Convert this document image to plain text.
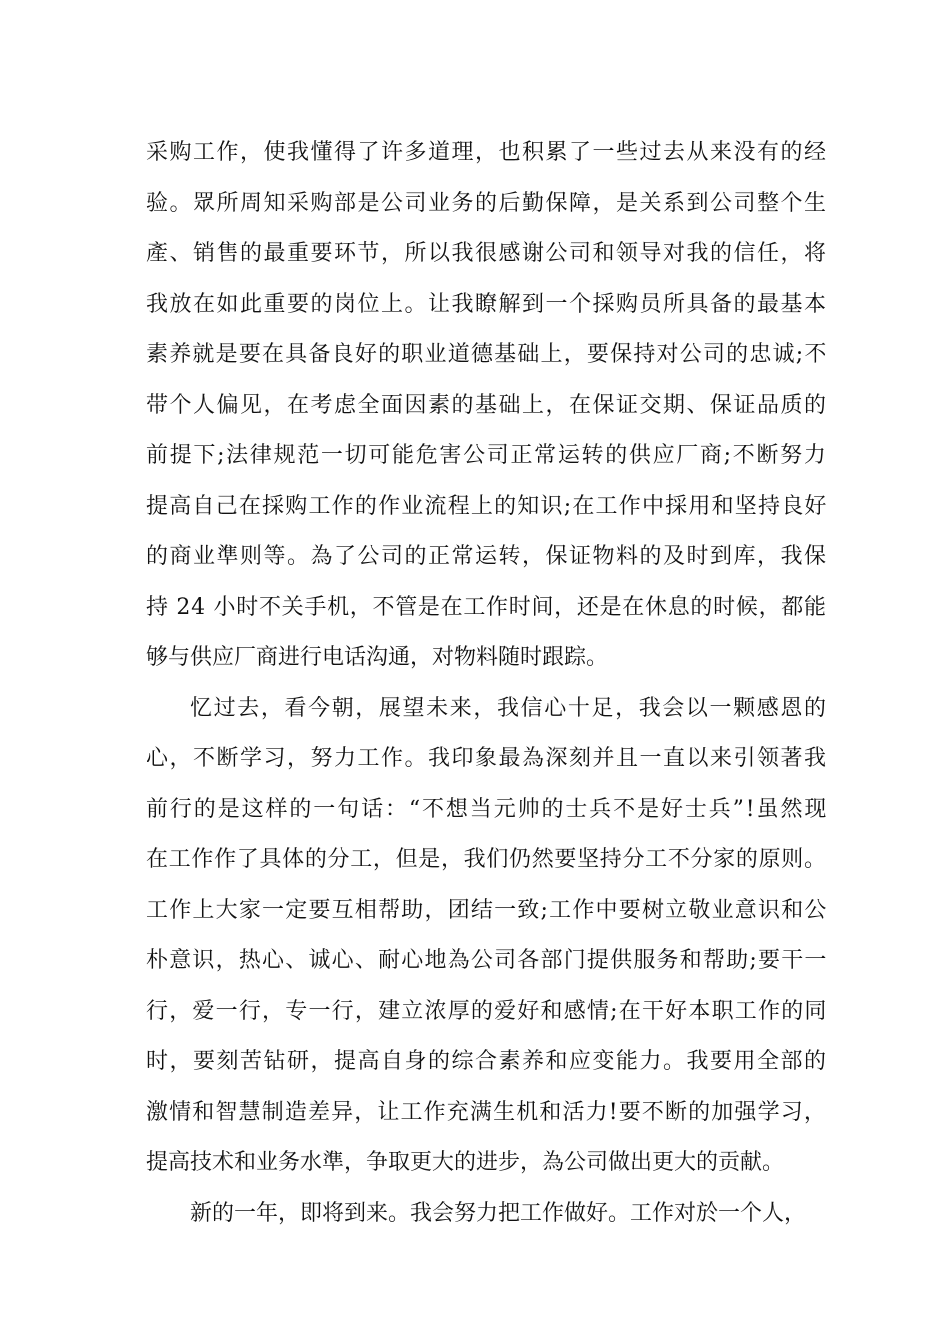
采购工作，使我懂得了许多道理，也积累了一些过去从来没有的经
验。眾所周知采购部是公司业务的后勤保障，是关系到公司整个生
產、销售的最重要环节，所以我很感谢公司和领导对我的信任，将
我放在如此重要的岗位上。让我瞭解到一个採购员所具备的最基本
素养就是要在具备良好的职业道德基础上，要保持对公司的忠诚;不
带个人偏见，在考虑全面因素的基础上，在保证交期、保证品质的
前提下;法律规范一切可能危害公司正常运转的供应厂商;不断努力
提高自己在採购工作的作业流程上的知识;在工作中採用和坚持良好
的商业準则等。為了公司的正常运转，保证物料的及时到库，我保
持 24 小时不关手机，不管是在工作时间，还是在休息的时候，都能
够与供应厂商进行电话沟通，对物料随时跟踪。
忆过去，看今朝，展望未来，我信心十足，我会以一颗感恩的
心，不断学习，努力工作。我印象最為深刻并且一直以来引领著我
前行的是这样的一句话：“不想当元帅的士兵不是好士兵”!虽然现
在工作作了具体的分工，但是，我们仍然要坚持分工不分家的原则。
工作上大家一定要互相帮助，团结一致;工作中要树立敬业意识和公
朴意识，热心、诚心、耐心地為公司各部门提供服务和帮助;要干一
行，爱一行，专一行，建立浓厚的爱好和感情;在干好本职工作的同
时，要刻苦钻研，提高自身的综合素养和应变能力。我要用全部的
激情和智慧制造差异，让工作充满生机和活力!要不断的加强学习，
提高技术和业务水準，争取更大的进步，為公司做出更大的贡献。
新的一年，即将到来。我会努力把工作做好。工作对於一个人，
